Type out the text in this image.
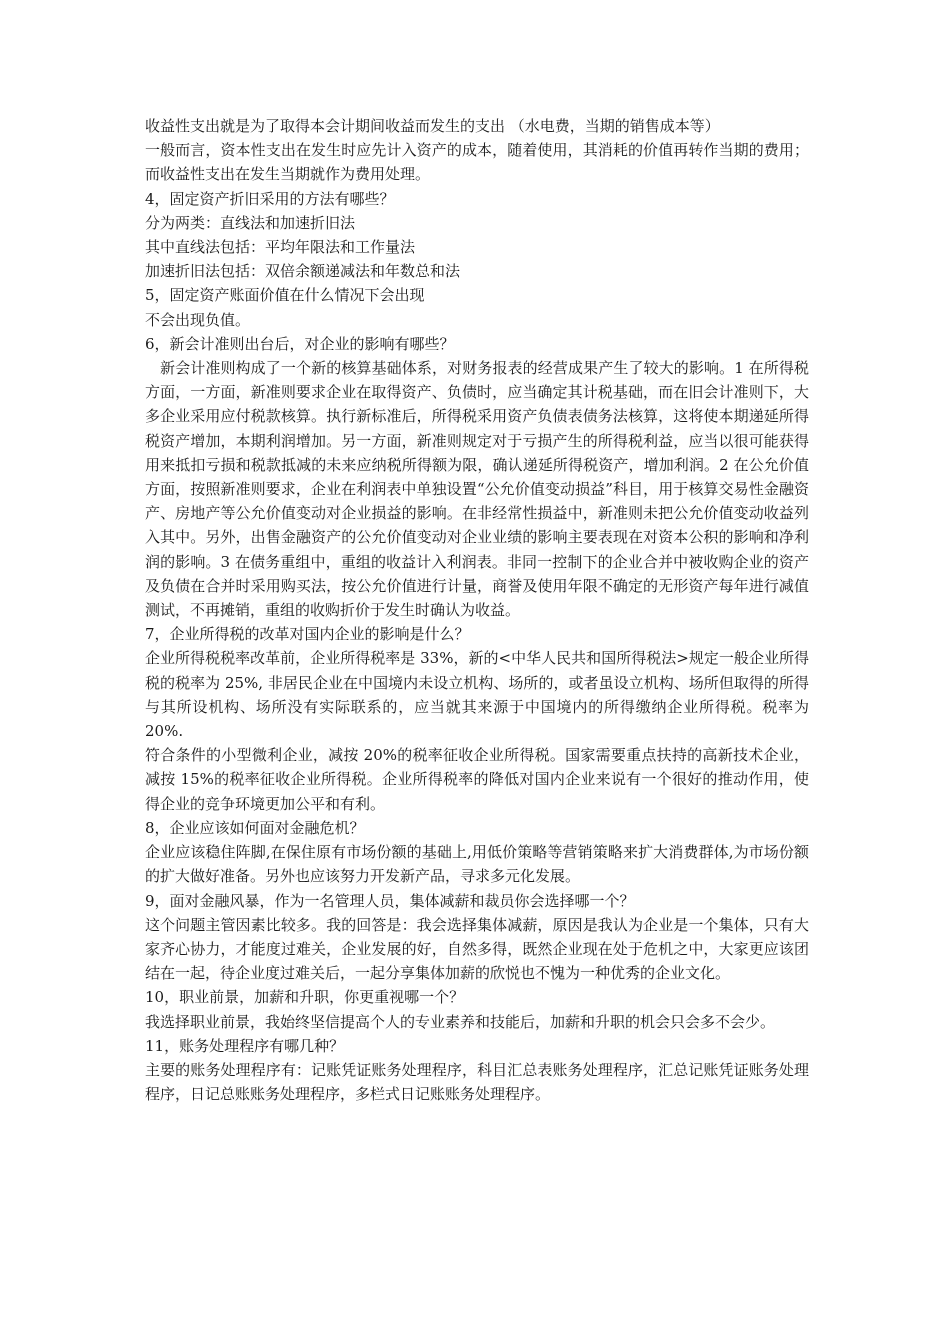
收益性支出就是为了取得本会计期间收益而发生的支出 （水电费，当期的销售成本等）

一般而言，资本性支出在发生时应先计入资产的成本，随着使用，其消耗的价值再转作当期的费用；而收益性支出在发生当期就作为费用处理。

4，固定资产折旧采用的方法有哪些？

分为两类：直线法和加速折旧法

其中直线法包括：平均年限法和工作量法

加速折旧法包括：双倍余额递减法和年数总和法

5，固定资产账面价值在什么情况下会出现

不会出现负值。

6，新会计准则出台后，对企业的影响有哪些？

新会计准则构成了一个新的核算基础体系，对财务报表的经营成果产生了较大的影响。1 在所得税方面，一方面，新准则要求企业在取得资产、负债时，应当确定其计税基础，而在旧会计准则下，大多企业采用应付税款核算。执行新标准后，所得税采用资产负债表债务法核算，这将使本期递延所得税资产增加，本期利润增加。另一方面，新准则规定对于亏损产生的所得税利益，应当以很可能获得用来抵扣亏损和税款抵减的未来应纳税所得额为限，确认递延所得税资产，增加利润。2 在公允价值方面，按照新准则要求，企业在利润表中单独设置“公允价值变动损益”科目，用于核算交易性金融资产、房地产等公允价值变动对企业损益的影响。在非经常性损益中，新准则未把公允价值变动收益列入其中。另外，出售金融资产的公允价值变动对企业业绩的影响主要表现在对资本公积的影响和净利润的影响。3 在债务重组中，重组的收益计入利润表。非同一控制下的企业合并中被收购企业的资产及负债在合并时采用购买法，按公允价值进行计量，商誉及使用年限不确定的无形资产每年进行减值测试，不再摊销，重组的收购折价于发生时确认为收益。

7，企业所得税的改革对国内企业的影响是什么？

企业所得税税率改革前，企业所得税率是 33%，新的<中华人民共和国所得税法>规定一般企业所得税的税率为 25%, 非居民企业在中国境内未设立机构、场所的，或者虽设立机构、场所但取得的所得与其所设机构、场所没有实际联系的，应当就其来源于中国境内的所得缴纳企业所得税。税率为 20%.

符合条件的小型微利企业，减按 20%的税率征收企业所得税。国家需要重点扶持的高新技术企业，减按 15%的税率征收企业所得税。企业所得税率的降低对国内企业来说有一个很好的推动作用，使得企业的竞争环境更加公平和有利。

8，企业应该如何面对金融危机？

企业应该稳住阵脚,在保住原有市场份额的基础上,用低价策略等营销策略来扩大消费群体,为市场份额的扩大做好准备。另外也应该努力开发新产品，寻求多元化发展。

9，面对金融风暴，作为一名管理人员，集体减薪和裁员你会选择哪一个？

这个问题主管因素比较多。我的回答是：我会选择集体减薪，原因是我认为企业是一个集体，只有大家齐心协力，才能度过难关，企业发展的好，自然多得，既然企业现在处于危机之中，大家更应该团结在一起，待企业度过难关后，一起分享集体加薪的欣悦也不愧为一种优秀的企业文化。

10，职业前景，加薪和升职，你更重视哪一个？

我选择职业前景，我始终坚信提高个人的专业素养和技能后，加薪和升职的机会只会多不会少。

11，账务处理程序有哪几种？

主要的账务处理程序有：记账凭证账务处理程序，科目汇总表账务处理程序，汇总记账凭证账务处理程序，日记总账账务处理程序，多栏式日记账账务处理程序。
